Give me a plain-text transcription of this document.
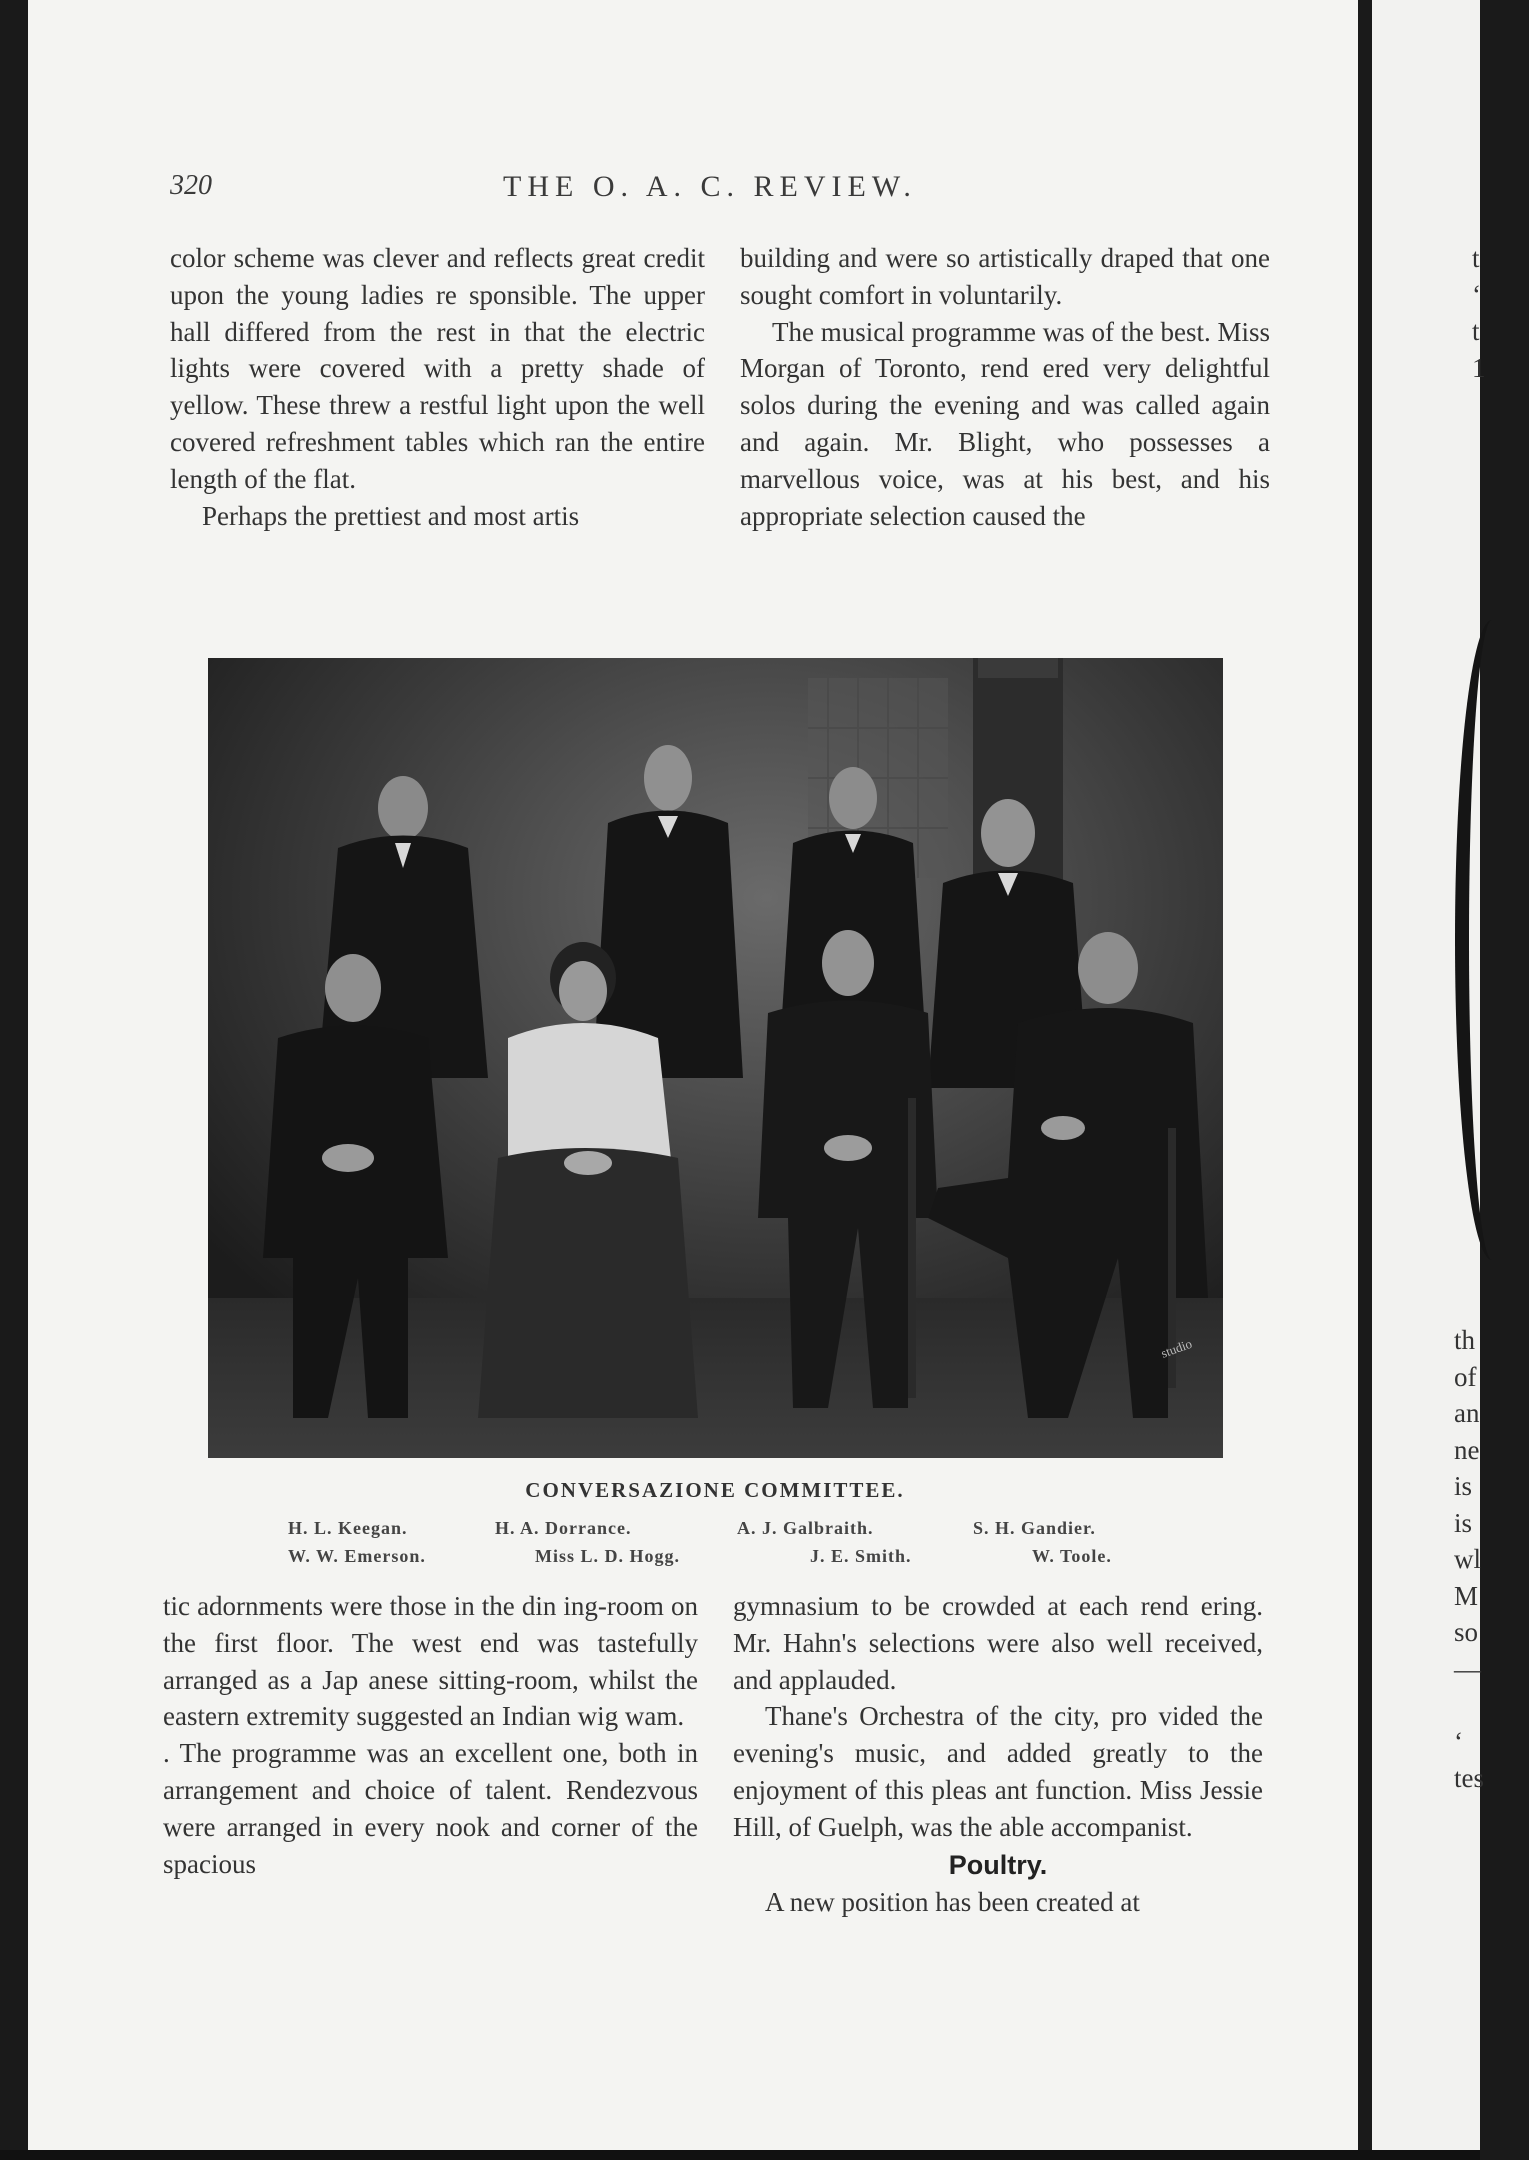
320	THE O. A. C. REVIEW.

color scheme was clever and reflects great credit upon the young ladies re sponsible. The upper hall differed from the rest in that the electric lights were covered with a pretty shade of yellow. These threw a restful light upon the well covered refreshment tables which ran the entire length of the flat.

Perhaps the prettiest and most artis

building and were so artistically draped that one sought comfort in voluntarily.

The musical programme was of the best. Miss Morgan of Toronto, rend ered very delightful solos during the evening and was called again and again. Mr. Blight, who possesses a marvellous voice, was at his best, and his appropriate selection caused the

studio
CONVERSAZIONE COMMITTEE.
H. L. Keegan.	H. A. Dorrance.	A. J. Galbraith.	S. H. Gandier.
W. W. Emerson.	Miss L. D. Hogg.	J. E. Smith.	W. Toole.

tic adornments were those in the din ing-room on the first floor. The west end was tastefully arranged as a Jap anese sitting-room, whilst the eastern extremity suggested an Indian wig wam.

. The programme was an excellent one, both in arrangement and choice of talent. Rendezvous were arranged in every nook and corner of the spacious

gymnasium to be crowded at each rend ering. Mr. Hahn's selections were also well received, and applauded.

Thane's Orchestra of the city, pro vided the evening's music, and added greatly to the enjoyment of this pleas ant function. Miss Jessie Hill, of Guelph, was the able accompanist.

Poultry.

A new position has been created at

t
‘
t
1
th
of
an
ne
is
is
wl
M
so
—

‘
tes
